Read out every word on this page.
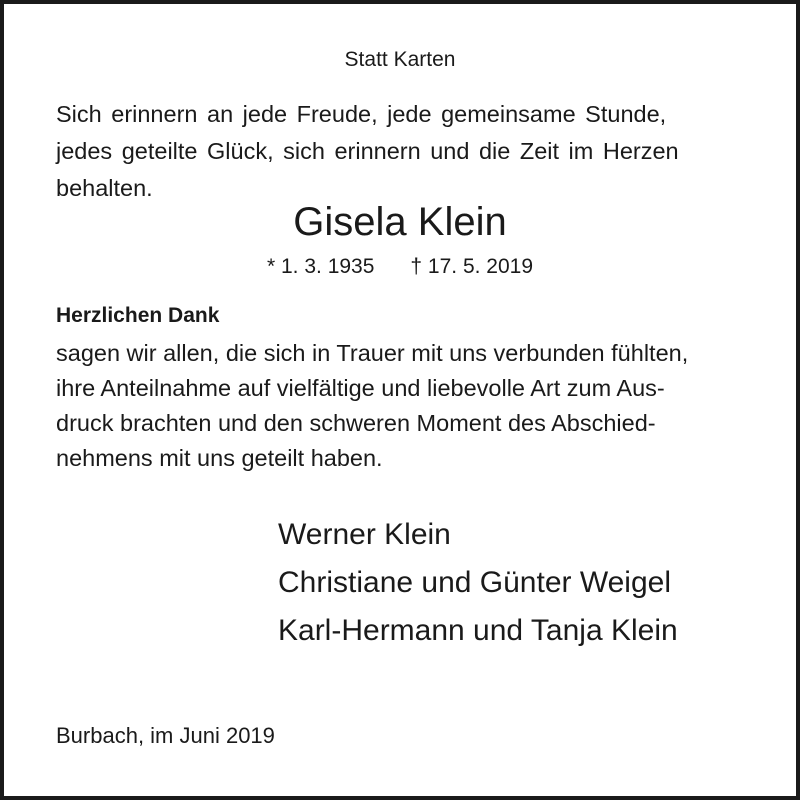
Statt Karten
Sich erinnern an jede Freude, jede gemeinsame Stunde,
jedes geteilte Glück, sich erinnern und die Zeit im Herzen
behalten.
Gisela Klein
* 1. 3. 1935 † 17. 5. 2019
Herzlichen Dank
sagen wir allen, die sich in Trauer mit uns verbunden fühlten,
ihre Anteilnahme auf vielfältige und liebevolle Art zum Aus-
druck brachten und den schweren Moment des Abschied-
nehmens mit uns geteilt haben.
Werner Klein
Christiane und Günter Weigel
Karl-Hermann und Tanja Klein
Burbach, im Juni 2019
